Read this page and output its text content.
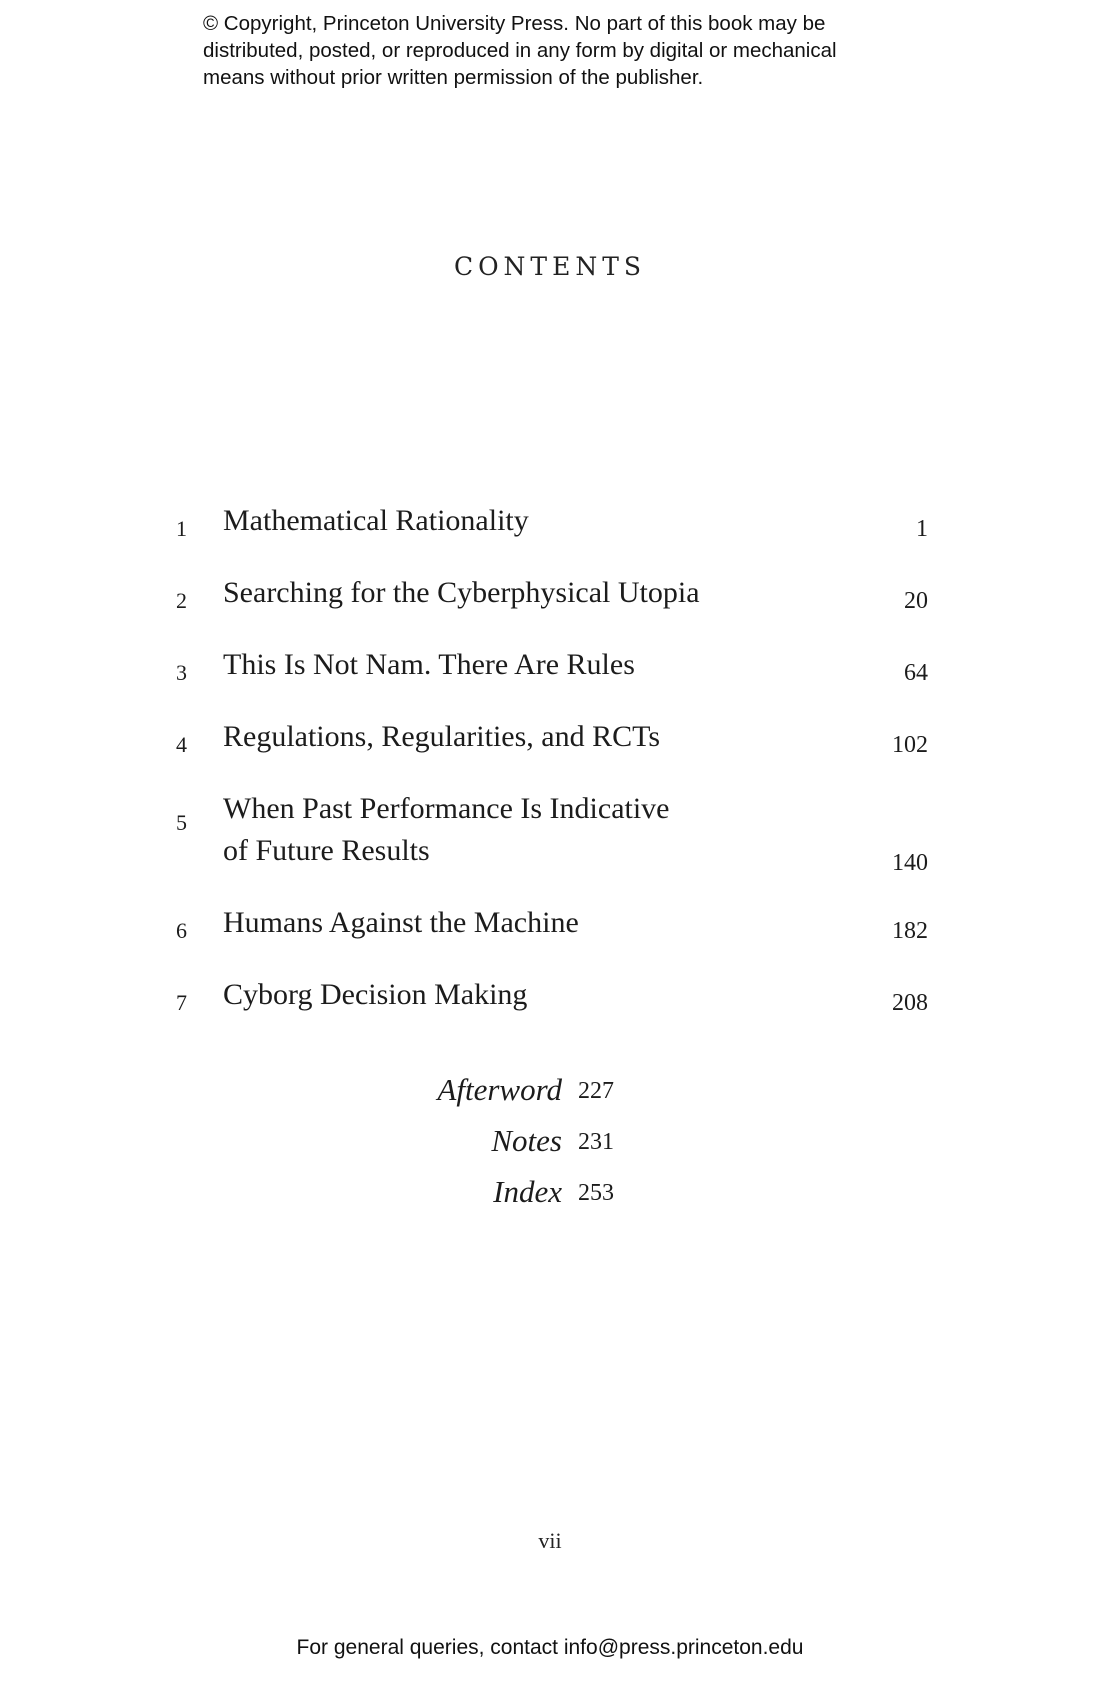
© Copyright, Princeton University Press. No part of this book may be
distributed, posted, or reproduced in any form by digital or mechanical
means without prior written permission of the publisher.
CONTENTS
1	Mathematical Rationality	1
2	Searching for the Cyberphysical Utopia	20
3	This Is Not Nam. There Are Rules	64
4	Regulations, Regularities, and RCTs	102
5	When Past Performance Is Indicative
of Future Results	140
6	Humans Against the Machine	182
7	Cyborg Decision Making	208
Afterword 227
Notes 231
Index 253
vii
For general queries, contact info@press.princeton.edu
